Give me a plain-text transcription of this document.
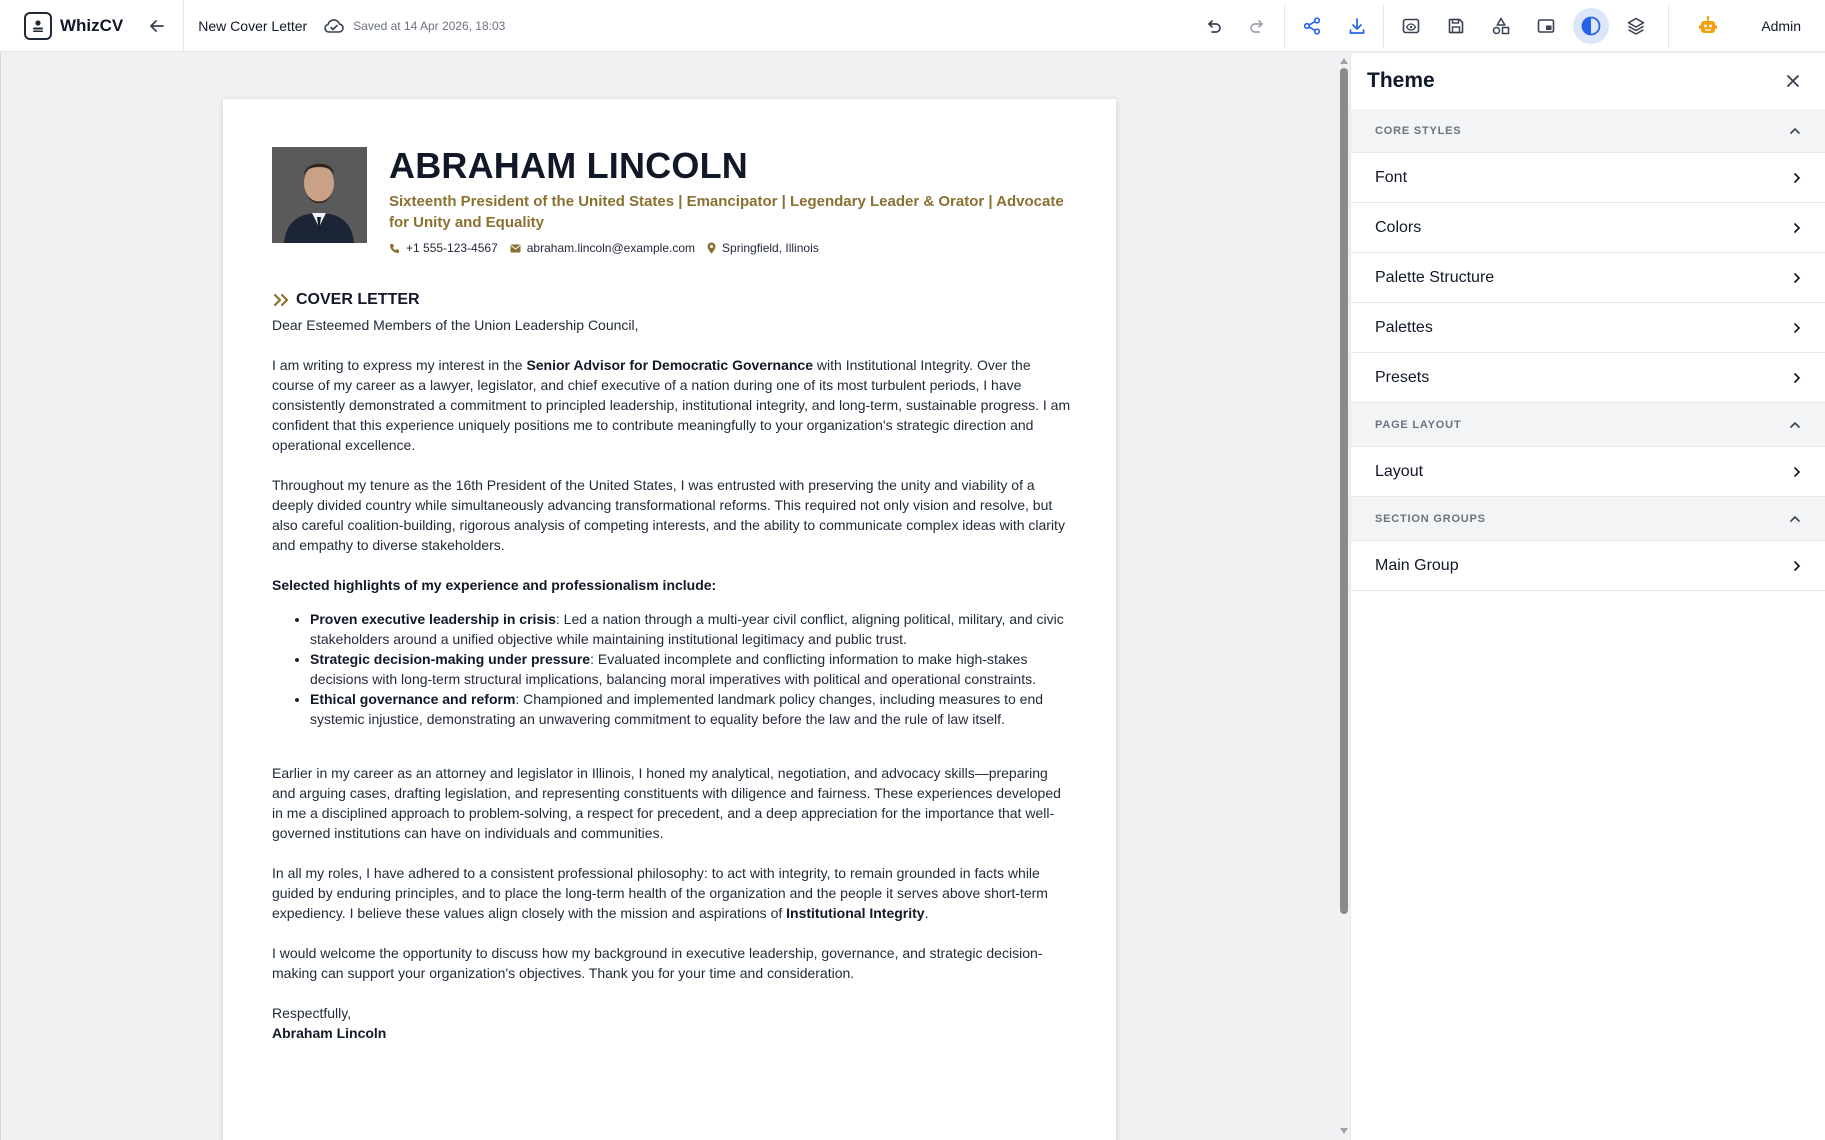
WhizCV	New Cover Letter	Saved at 14 Apr 2026, 18:03	Admin
ABRAHAM LINCOLN
Sixteenth President of the United States | Emancipator | Legendary Leader & Orator | Advocate for Unity and Equality
+1 555-123-4567 abraham.lincoln@example.com Springfield, Illinois
COVER LETTER

Dear Esteemed Members of the Union Leadership Council,

I am writing to express my interest in the Senior Advisor for Democratic Governance with Institutional Integrity. Over the course of my career as a lawyer, legislator, and chief executive of a nation during one of its most turbulent periods, I have consistently demonstrated a commitment to principled leadership, institutional integrity, and long-term, sustainable progress. I am confident that this experience uniquely positions me to contribute meaningfully to your organization's strategic direction and operational excellence.

Throughout my tenure as the 16th President of the United States, I was entrusted with preserving the unity and viability of a deeply divided country while simultaneously advancing transformational reforms. This required not only vision and resolve, but also careful coalition-building, rigorous analysis of competing interests, and the ability to communicate complex ideas with clarity and empathy to diverse stakeholders.

Selected highlights of my experience and professionalism include:
• Proven executive leadership in crisis: Led a nation through a multi-year civil conflict, aligning political, military, and civic stakeholders around a unified objective while maintaining institutional legitimacy and public trust.
• Strategic decision-making under pressure: Evaluated incomplete and conflicting information to make high-stakes decisions with long-term structural implications, balancing moral imperatives with political and operational constraints.
• Ethical governance and reform: Championed and implemented landmark policy changes, including measures to end systemic injustice, demonstrating an unwavering commitment to equality before the law and the rule of law itself.

Earlier in my career as an attorney and legislator in Illinois, I honed my analytical, negotiation, and advocacy skills—preparing and arguing cases, drafting legislation, and representing constituents with diligence and fairness. These experiences developed in me a disciplined approach to problem-solving, a respect for precedent, and a deep appreciation for the importance that well-governed institutions can have on individuals and communities.

In all my roles, I have adhered to a consistent professional philosophy: to act with integrity, to remain grounded in facts while guided by enduring principles, and to place the long-term health of the organization and the people it serves above short-term expediency. I believe these values align closely with the mission and aspirations of Institutional Integrity.

I would welcome the opportunity to discuss how my background in executive leadership, governance, and strategic decision-making can support your organization's objectives. Thank you for your time and consideration.

Respectfully,
Abraham Lincoln
Theme
CORE STYLES
Font
Colors
Palette Structure
Palettes
Presets
PAGE LAYOUT
Layout
SECTION GROUPS
Main Group
